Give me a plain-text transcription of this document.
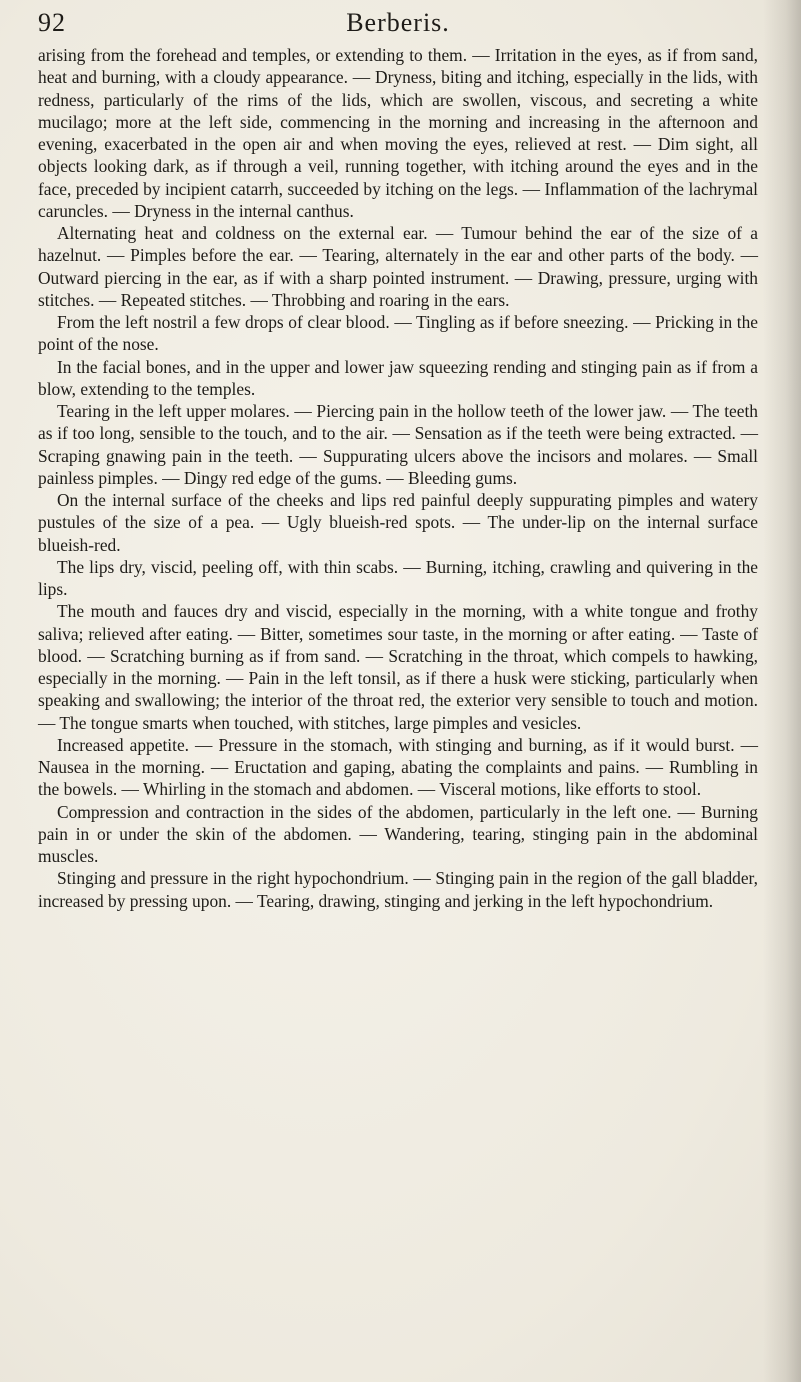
92	Berberis.

arising from the forehead and temples, or extending to them. — Irritation in the eyes, as if from sand, heat and burning, with a cloudy appearance. — Dryness, biting and itching, especially in the lids, with redness, particularly of the rims of the lids, which are swollen, viscous, and secreting a white mucilago; more at the left side, commencing in the morning and increasing in the afternoon and evening, exacerbated in the open air and when moving the eyes, relieved at rest. — Dim sight, all objects looking dark, as if through a veil, running together, with itching around the eyes and in the face, preceded by incipient catarrh, succeeded by itching on the legs. — Inflammation of the lachrymal caruncles. — Dryness in the internal canthus.

Alternating heat and coldness on the external ear. — Tumour behind the ear of the size of a hazelnut. — Pimples before the ear. — Tearing, alternately in the ear and other parts of the body. — Outward piercing in the ear, as if with a sharp pointed instrument. — Drawing, pressure, urging with stitches. — Repeated stitches. — Throbbing and roaring in the ears.

From the left nostril a few drops of clear blood. — Tingling as if before sneezing. — Pricking in the point of the nose.

In the facial bones, and in the upper and lower jaw squeezing rending and stinging pain as if from a blow, extending to the temples.

Tearing in the left upper molares. — Piercing pain in the hollow teeth of the lower jaw. — The teeth as if too long, sensible to the touch, and to the air. — Sensation as if the teeth were being extracted. — Scraping gnawing pain in the teeth. — Suppurating ulcers above the incisors and molares. — Small painless pimples. — Dingy red edge of the gums. — Bleeding gums.

On the internal surface of the cheeks and lips red painful deeply suppurating pimples and watery pustules of the size of a pea. — Ugly blueish-red spots. — The under-lip on the internal surface blueish-red.

The lips dry, viscid, peeling off, with thin scabs. — Burning, itching, crawling and quivering in the lips.

The mouth and fauces dry and viscid, especially in the morning, with a white tongue and frothy saliva; relieved after eating. — Bitter, sometimes sour taste, in the morning or after eating. — Taste of blood. — Scratching burning as if from sand. — Scratching in the throat, which compels to hawking, especially in the morning. — Pain in the left tonsil, as if there a husk were sticking, particularly when speaking and swallowing; the interior of the throat red, the exterior very sensible to touch and motion. — The tongue smarts when touched, with stitches, large pimples and vesicles.

Increased appetite. — Pressure in the stomach, with stinging and burning, as if it would burst. — Nausea in the morning. — Eructation and gaping, abating the complaints and pains. — Rumbling in the bowels. — Whirling in the stomach and abdomen. — Visceral motions, like efforts to stool.

Compression and contraction in the sides of the abdomen, particularly in the left one. — Burning pain in or under the skin of the abdomen. — Wandering, tearing, stinging pain in the abdominal muscles.

Stinging and pressure in the right hypochondrium. — Stinging pain in the region of the gall bladder, increased by pressing upon. — Tearing, drawing, stinging and jerking in the left hypochondrium.
